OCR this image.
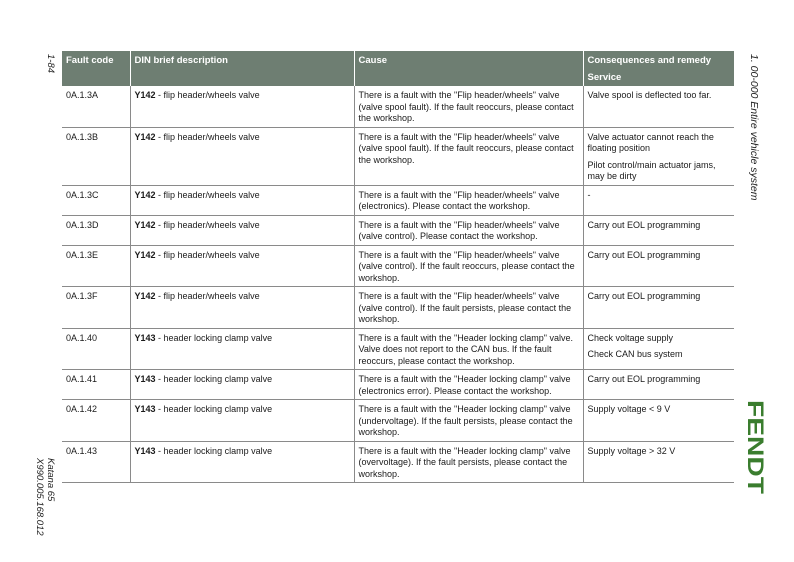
1-84
Katana 65
X990.005.168.012
1. 00-000 Entire vehicle system
FENDT
Fault code	DIN brief description	Cause	Consequences and remedy
Service

0A.1.3A	Y142 - flip header/wheels valve	There is a fault with the "Flip header/wheels" valve (valve spool fault). If the fault reoccurs, please contact the workshop.	Valve spool is deflected too far.

0A.1.3B	Y142 - flip header/wheels valve	There is a fault with the "Flip header/wheels" valve (valve spool fault). If the fault reoccurs, please contact the workshop.	Valve actuator cannot reach the floating position
Pilot control/main actuator jams, may be dirty

0A.1.3C	Y142 - flip header/wheels valve	There is a fault with the "Flip header/wheels" valve (electronics). Please contact the workshop.	-

0A.1.3D	Y142 - flip header/wheels valve	There is a fault with the "Flip header/wheels" valve (valve control). Please contact the workshop.	Carry out EOL programming

0A.1.3E	Y142 - flip header/wheels valve	There is a fault with the "Flip header/wheels" valve (valve control). If the fault reoccurs, please contact the workshop.	Carry out EOL programming

0A.1.3F	Y142 - flip header/wheels valve	There is a fault with the "Flip header/wheels" valve (valve control). If the fault persists, please contact the workshop.	Carry out EOL programming

0A.1.40	Y143 - header locking clamp valve	There is a fault with the "Header locking clamp" valve. Valve does not report to the CAN bus. If the fault reoccurs, please contact the workshop.	Check voltage supply
Check CAN bus system

0A.1.41	Y143 - header locking clamp valve	There is a fault with the "Header locking clamp" valve (electronics error). Please contact the workshop.	Carry out EOL programming

0A.1.42	Y143 - header locking clamp valve	There is a fault with the "Header locking clamp" valve (undervoltage). If the fault persists, please contact the workshop.	Supply voltage < 9 V

0A.1.43	Y143 - header locking clamp valve	There is a fault with the "Header locking clamp" valve (overvoltage). If the fault persists, please contact the workshop.	Supply voltage > 32 V
